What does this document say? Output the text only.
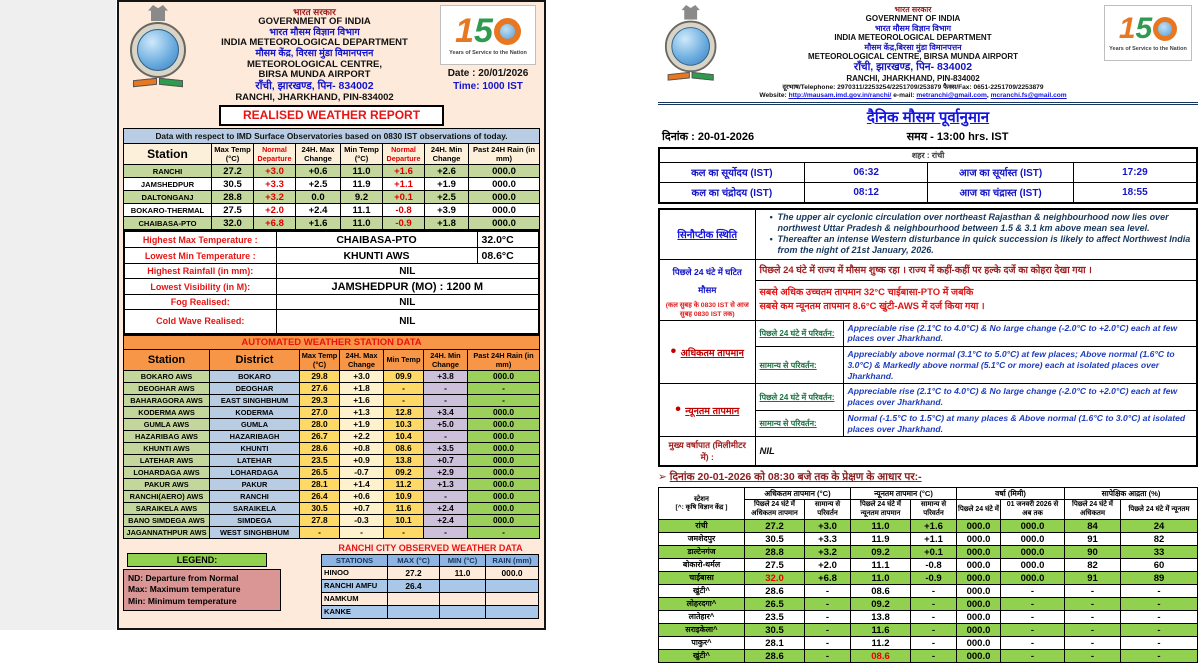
भारत सरकार
GOVERNMENT OF INDIA
भारत मौसम विज्ञान विभाग
INDIA METEOROLOGICAL DEPARTMENT
मौसम केंद्र, विरसा मुंडा विमानपत्तन
METEOROLOGICAL CENTRE,
BIRSA MUNDA AIRPORT
राँची, झारखण्ड, पिन- 834002
RANCHI, JHARKHAND, PIN-834002
1 5
Years of Service to the Nation
Date : 20/01/2026
Time: 1000 IST
REALISED WEATHER REPORT
Data with respect to IMD Surface Observatories based on 0830 IST observations of today.
Station	Max Temp (°C)	Normal Departure	24H. Max Change	Min Temp (°C)	Normal Departure	24H. Min Change	Past 24H Rain (in mm)
RANCHI	27.2	+3.0	+0.6	11.0	+1.6	+2.6	000.0
JAMSHEDPUR	30.5	+3.3	+2.5	11.9	+1.1	+1.9	000.0
DALTONGANJ	28.8	+3.2	0.0	9.2	+0.1	+2.5	000.0
BOKARO-THERMAL	27.5	+2.0	+2.4	11.1	-0.8	+3.9	000.0
CHAIBASA-PTO	32.0	+6.8	+1.6	11.0	-0.9	+1.8	000.0
Highest Max Temperature :	CHAIBASA-PTO	32.0°C
Lowest Min Temperature :	KHUNTI AWS	08.6°C
Highest Rainfall (in mm):	NIL	
Lowest Visibility (in M):	JAMSHEDPUR (MO) : 1200 M	
Fog Realised:	NIL	
Cold Wave Realised:	NIL	
AUTOMATED WEATHER STATION DATA
Station	District	Max Temp (°C)	24H. Max Change	Min Temp	24H. Min Change	Past 24H Rain (in mm)
BOKARO AWS	BOKARO	29.8	+3.0	09.9	+3.8	000.0
DEOGHAR AWS	DEOGHAR	27.6	+1.8	-	-	-
BAHARAGORA AWS	EAST SINGHBHUM	29.3	+1.6	-	-	-
KODERMA AWS	KODERMA	27.0	+1.3	12.8	+3.4	000.0
GUMLA AWS	GUMLA	28.0	+1.9	10.3	+5.0	000.0
HAZARIBAG AWS	HAZARIBAGH	26.7	+2.2	10.4	-	000.0
KHUNTI AWS	KHUNTI	28.6	+0.8	08.6	+3.5	000.0
LATEHAR AWS	LATEHAR	23.5	+0.9	13.8	+0.7	000.0
LOHARDAGA AWS	LOHARDAGA	26.5	-0.7	09.2	+2.9	000.0
PAKUR AWS	PAKUR	28.1	+1.4	11.2	+1.3	000.0
RANCHI(AERO) AWS	RANCHI	26.4	+0.6	10.9	-	000.0
SARAIKELA AWS	SARAIKELA	30.5	+0.7	11.6	+2.4	000.0
BANO SIMDEGA AWS	SIMDEGA	27.8	-0.3	10.1	+2.4	000.0
JAGANNATHPUR AWS	WEST SINGHBHUM	-	-	-	-	-
LEGEND:
ND: Departure from Normal
Max: Maximum temperature
Min: Minimum temperature
RANCHI CITY OBSERVED WEATHER DATA
STATIONS	MAX (°C)	MIN (°C)	RAIN (mm)
HINOO	27.2	11.0	000.0
RANCHI AMFU	26.4		
NAMKUM			
KANKE			
भारत सरकार
GOVERNMENT OF INDIA
भारत मौसम विज्ञान विभाग
INDIA METEOROLOGICAL DEPARTMENT
मौसम केंद्र,बिरसा मुंडा विमानपत्तन
METEOROLOGICAL CENTRE, BIRSA MUNDA AIRPORT
राँची, झारखण्ड, पिन- 834002
RANCHI, JHARKHAND, PIN-834002
दूरभाष/Telephone: 2970311/2253254/2251709/253879 फैक्स/Fax: 0651-2251709/2253879
Website: http://mausam.imd.gov.in/ranchi/ e-mail: metranchi@gmail.com, mcranchi.fs@gmail.com
1 5
Years of Service to the Nation
दैनिक मौसम पूर्वानुमान
दिनांक : 20-01-2026	समय - 13:00 hrs. IST
शहर : रांची			
कल का सूर्योदय (IST)	06:32	आज का सूर्यास्त (IST)	17:29
कल का चंद्रोदय (IST)	08:12	आज का चंद्रास्त (IST)	18:55
सिनौप्टीक स्थिति	
• The upper air cyclonic circulation over northeast Rajasthan & neighbourhood now lies over northwest Uttar Pradesh & neighbourhood between 1.5 & 3.1 km above mean sea level.
• Thereafter an intense Western disturbance in quick succession is likely to affect Northwest India from the night of 21st January, 2026.

पिछले 24 घंटे में घटित मौसम
(कल सुबह के 0830 IST से आज सुबह 0830 IST तक)	पिछले 24 घंटे में राज्य में मौसम शुष्क रहा । राज्य में कहीं-कहीं पर हल्के दर्जे का कोहरा देखा गया ।	

	सबसे अधिक उच्चतम तापमान 32°C चाईबासा-PTO में जबकि
सबसे कम न्यूनतम तापमान 8.6°C खुंटी-AWS में दर्ज किया गया ।	

• अधिकतम तापमान	पिछले 24 घंटे में परिवर्तन:	Appreciable rise (2.1°C to 4.0°C) & No large change (-2.0°C to +2.0°C) each at few places over Jharkhand.
	सामान्य से परिवर्तन:	Appreciably above normal (3.1°C to 5.0°C) at few places; Above normal (1.6°C to 3.0°C) & Markedly above normal (5.1°C or more) each at isolated places over Jharkhand.
• न्यूनतम तापमान	पिछले 24 घंटे में परिवर्तन:	Appreciable rise (2.1°C to 4.0°C) & No large change (-2.0°C to +2.0°C) each at few places over Jharkhand.
	सामान्य से परिवर्तन:	Normal (-1.5°C to 1.5°C) at many places & Above normal (1.6°C to 3.0°C) at isolated places over Jharkhand.
मुख्य वर्षापात (मिलीमीटर में) :	NIL	
➢ दिनांक 20-01-2026 को 08:30 बजे तक के प्रेक्षण के आधार पर:-
स्टेशन
[^: कृषि विज्ञान केंद्र ]	अधिकतम तापमान (°C)		न्यूनतम तापमान (°C)		वर्षा (मिमी)		सापेक्षिक आद्रता (%)	
	पिछले 24 घंटे में अधिकतम तापमान	सामान्य से परिवर्तन	पिछले 24 घंटे में न्यूनतम तापमान	सामान्य से परिवर्तन	पिछले 24 घंटे में	01 जनवरी 2026 से अब तक	पिछले 24 घंटे में अधिकतम	पिछले 24 घंटे में न्यूनतम
रांची	27.2	+3.0	11.0	+1.6	000.0	000.0	84	24
जमशेदपुर	30.5	+3.3	11.9	+1.1	000.0	000.0	91	82
डाल्टेनगंज	28.8	+3.2	09.2	+0.1	000.0	000.0	90	33
बोकारो-थर्मल	27.5	+2.0	11.1	-0.8	000.0	000.0	82	60
चाईबासा	32.0	+6.8	11.0	-0.9	000.0	000.0	91	89
खुंटी^	28.6	-	08.6	-	000.0	-	-	-
लोहरदगा^	26.5	-	09.2	-	000.0	-	-	-
लातेहार^	23.5	-	13.8	-	000.0	-	-	-
सराइकेला^	30.5	-	11.6	-	000.0	-	-	-
पाकुर^	28.1	-	11.2	-	000.0	-	-	-
खुंटी^	28.6	-	08.6	-	000.0	-	-	-
